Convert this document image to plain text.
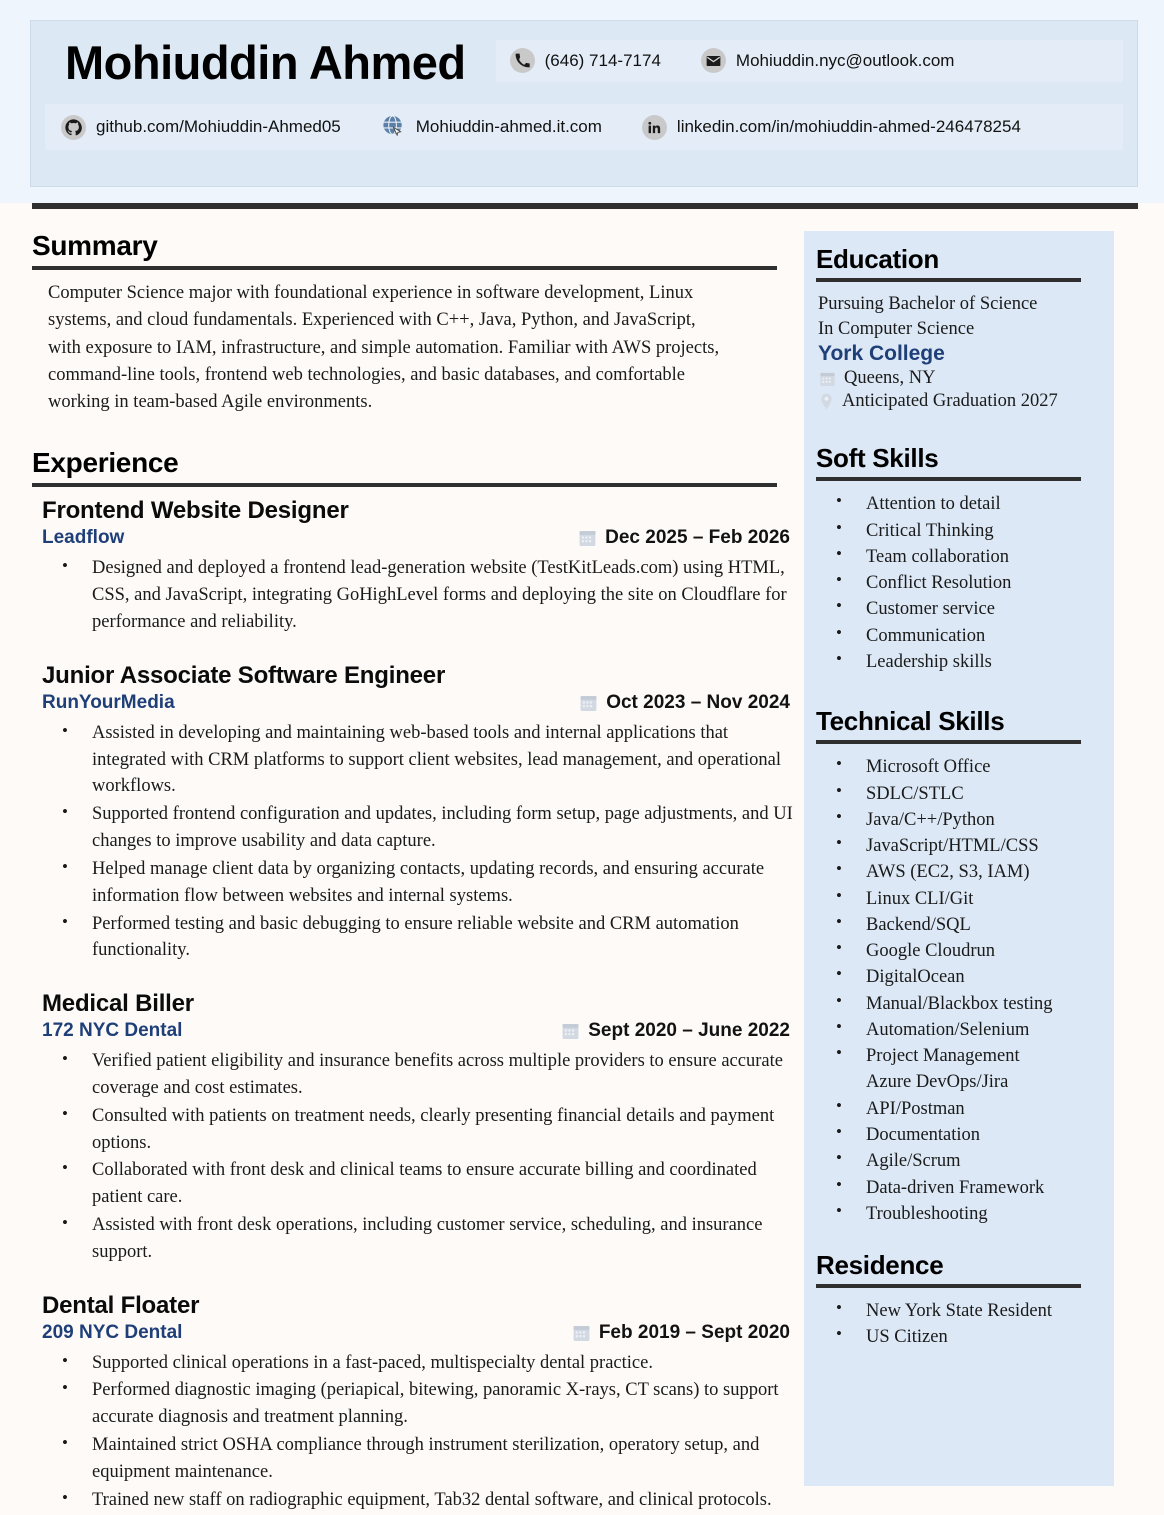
Mohiuddin Ahmed	(646) 714-7174	Mohiuddin.nyc@outlook.com
github.com/Mohiuddin-Ahmed05	Mohiuddin-ahmed.it.com	linkedin.com/in/mohiuddin-ahmed-246478254
Summary

Computer Science major with foundational experience in software development, Linux systems, and cloud fundamentals. Experienced with C++, Java, Python, and JavaScript, with exposure to IAM, infrastructure, and simple automation. Familiar with AWS projects, command-line tools, frontend web technologies, and basic databases, and comfortable working in team-based Agile environments.

Experience
Frontend Website Designer
Leadflow	Dec 2025 – Feb 2026
• Designed and deployed a frontend lead-generation website (TestKitLeads.com) using HTML, CSS, and JavaScript, integrating GoHighLevel forms and deploying the site on Cloudflare for performance and reliability.
Junior Associate Software Engineer
RunYourMedia	Oct 2023 – Nov 2024
• Assisted in developing and maintaining web-based tools and internal applications that integrated with CRM platforms to support client websites, lead management, and operational workflows.
• Supported frontend configuration and updates, including form setup, page adjustments, and UI changes to improve usability and data capture.
• Helped manage client data by organizing contacts, updating records, and ensuring accurate information flow between websites and internal systems.
• Performed testing and basic debugging to ensure reliable website and CRM automation functionality.
Medical Biller
172 NYC Dental	Sept 2020 – June 2022
• Verified patient eligibility and insurance benefits across multiple providers to ensure accurate coverage and cost estimates.
• Consulted with patients on treatment needs, clearly presenting financial details and payment options.
• Collaborated with front desk and clinical teams to ensure accurate billing and coordinated patient care.
• Assisted with front desk operations, including customer service, scheduling, and insurance support.
Dental Floater
209 NYC Dental	Feb 2019 – Sept 2020
• Supported clinical operations in a fast-paced, multispecialty dental practice.
• Performed diagnostic imaging (periapical, bitewing, panoramic X-rays, CT scans) to support accurate diagnosis and treatment planning.
• Maintained strict OSHA compliance through instrument sterilization, operatory setup, and equipment maintenance.
• Trained new staff on radiographic equipment, Tab32 dental software, and clinical protocols.
Education
Pursuing Bachelor of Science
In Computer Science
York College
Queens, NY
Anticipated Graduation 2027
Soft Skills
• Attention to detail
• Critical Thinking
• Team collaboration
• Conflict Resolution
• Customer service
• Communication
• Leadership skills
Technical Skills
• Microsoft Office
• SDLC/STLC
• Java/C++/Python
• JavaScript/HTML/CSS
• AWS (EC2, S3, IAM)
• Linux CLI/Git
• Backend/SQL
• Google Cloudrun
• DigitalOcean
• Manual/Blackbox testing
• Automation/Selenium
• Project Management
Azure DevOps/Jira
• API/Postman
• Documentation
• Agile/Scrum
• Data-driven Framework
• Troubleshooting
Residence
• New York State Resident
• US Citizen
